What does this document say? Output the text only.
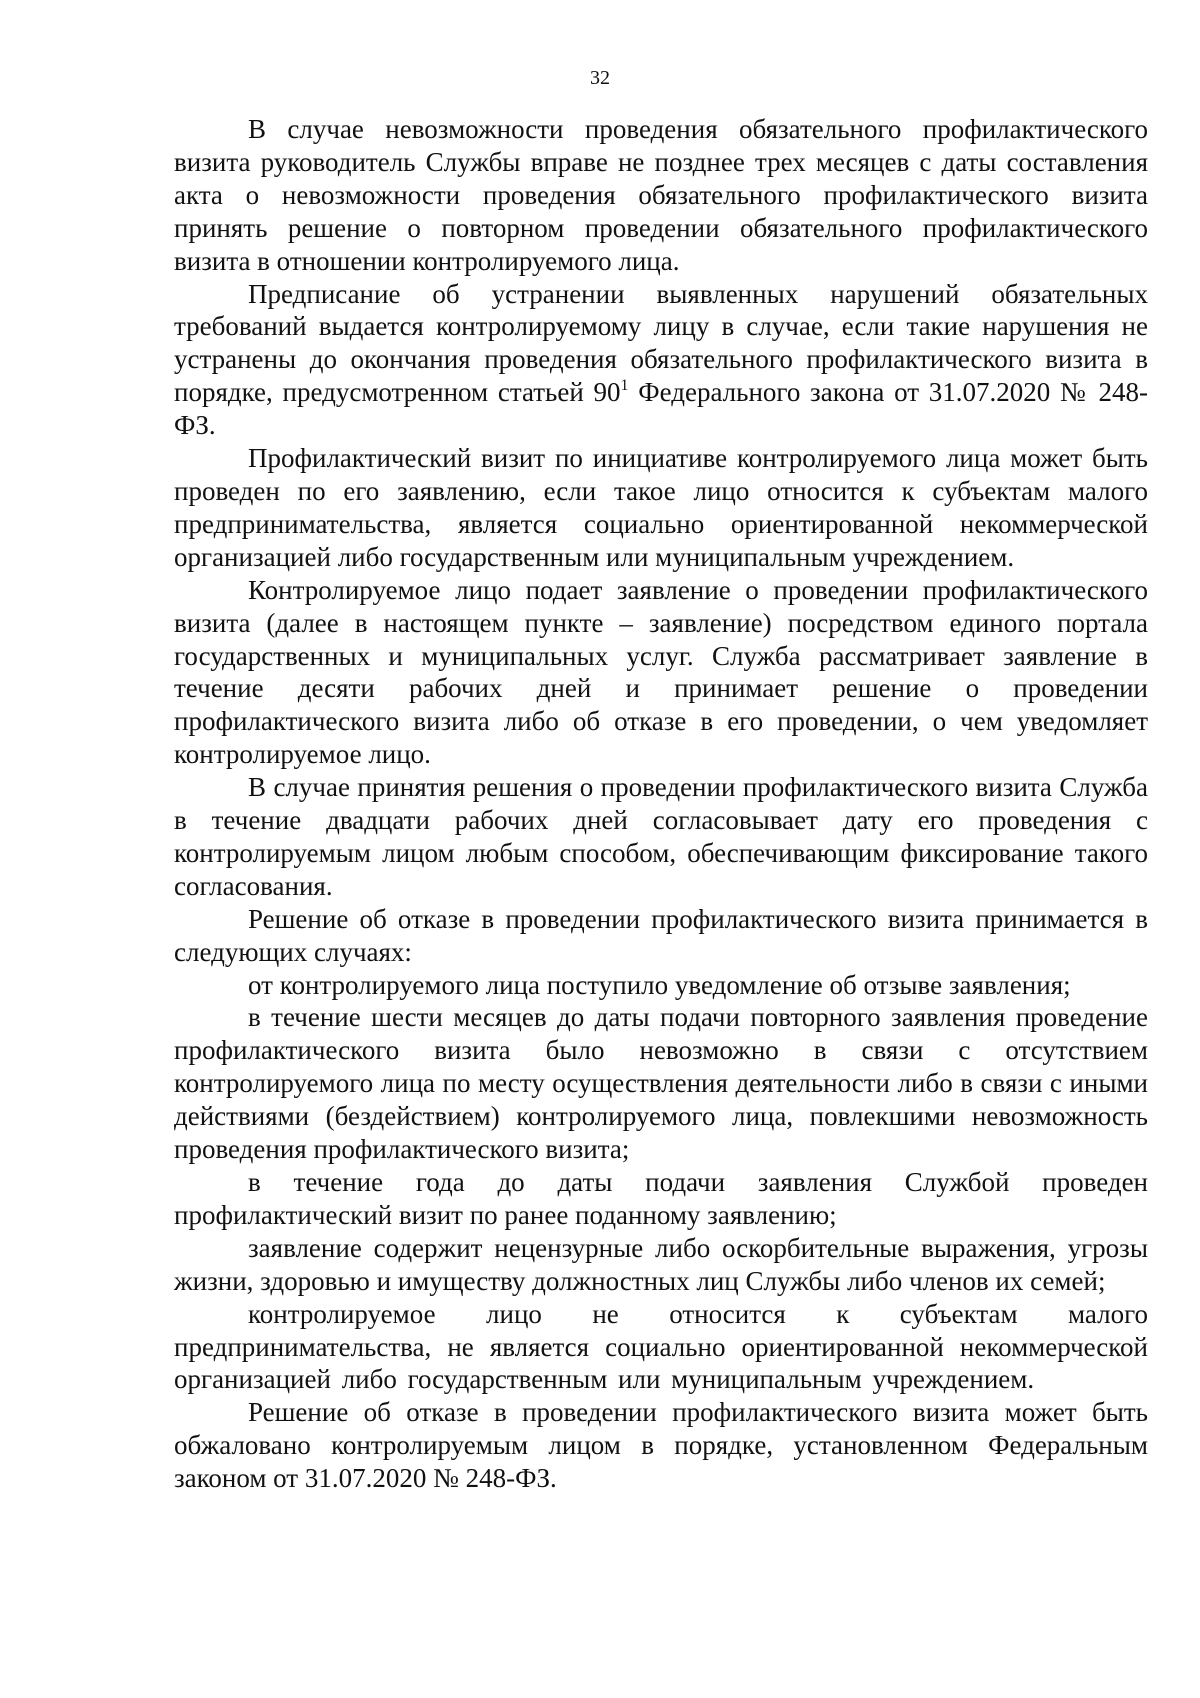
32

В случае невозможности проведения обязательного профилактического визита руководитель Службы вправе не позднее трех месяцев с даты составления акта о невозможности проведения обязательного профилактического визита принять решение о повторном проведении обязательного профилактического визита в отношении контролируемого лица.

Предписание об устранении выявленных нарушений обязательных требований выдается контролируемому лицу в случае, если такие нарушения не устранены до окончания проведения обязательного профилактического визита в порядке, предусмотренном статьей $90^1$ Федерального закона от 31.07.2020 № 248-ФЗ.

Профилактический визит по инициативе контролируемого лица может быть проведен по его заявлению, если такое лицо относится к субъектам малого предпринимательства, является социально ориентированной некоммерческой организацией либо государственным или муниципальным учреждением.

Контролируемое лицо подает заявление о проведении профилактического визита (далее в настоящем пункте – заявление) посредством единого портала государственных и муниципальных услуг. Служба рассматривает заявление в течение десяти рабочих дней и принимает решение о проведении профилактического визита либо об отказе в его проведении, о чем уведомляет контролируемое лицо.

В случае принятия решения о проведении профилактического визита Служба в течение двадцати рабочих дней согласовывает дату его проведения с контролируемым лицом любым способом, обеспечивающим фиксирование такого согласования.

Решение об отказе в проведении профилактического визита принимается в следующих случаях:

от контролируемого лица поступило уведомление об отзыве заявления;

в течение шести месяцев до даты подачи повторного заявления проведение профилактического визита было невозможно в связи с отсутствием контролируемого лица по месту осуществления деятельности либо в связи с иными действиями (бездействием) контролируемого лица, повлекшими невозможность проведения профилактического визита;

в течение года до даты подачи заявления Службой проведен профилактический визит по ранее поданному заявлению;

заявление содержит нецензурные либо оскорбительные выражения, угрозы жизни, здоровью и имуществу должностных лиц Службы либо членов их семей;

контролируемое лицо не относится к субъектам малого предпринимательства, не является социально ориентированной некоммерческой организацией либо государственным или муниципальным учреждением.

Решение об отказе в проведении профилактического визита может быть обжаловано контролируемым лицом в порядке, установленном Федеральным законом от 31.07.2020 № 248-ФЗ.
